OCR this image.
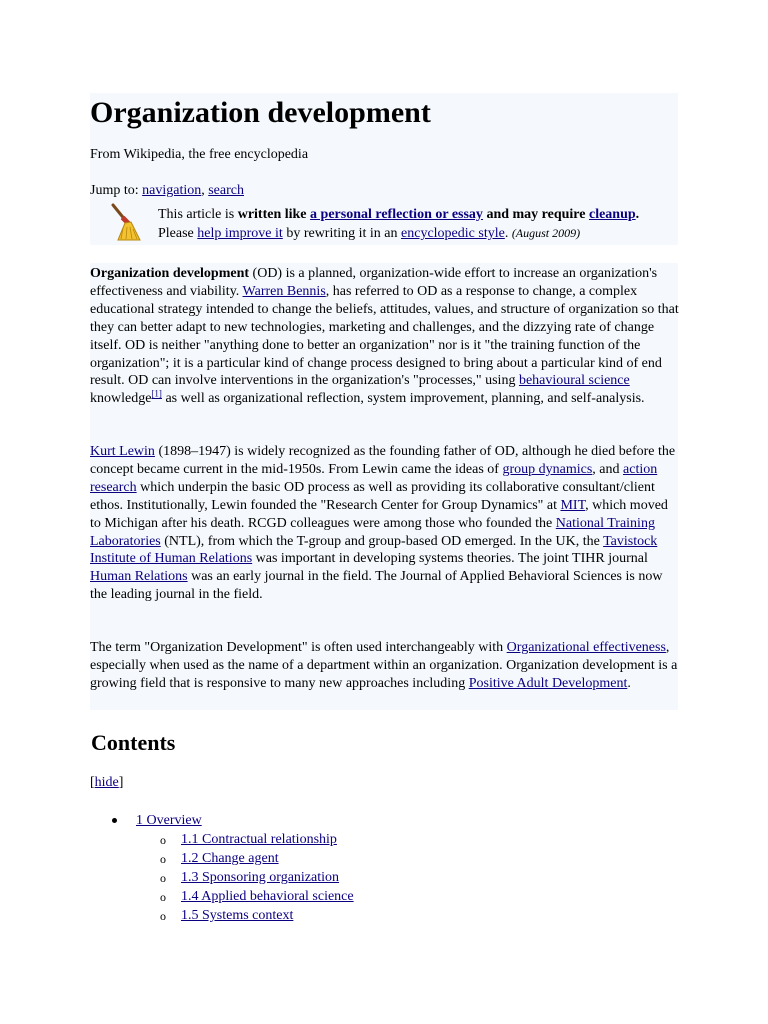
Organization development
From Wikipedia, the free encyclopedia
Jump to: navigation, search
This article is written like a personal reflection or essay and may require cleanup.
Please help improve it by rewriting it in an encyclopedic style. (August 2009)

Organization development (OD) is a planned, organization-wide effort to increase an organization's effectiveness and viability. Warren Bennis, has referred to OD as a response to change, a complex educational strategy intended to change the beliefs, attitudes, values, and structure of organization so that they can better adapt to new technologies, marketing and challenges, and the dizzying rate of change itself. OD is neither "anything done to better an organization" nor is it "the training function of the organization"; it is a particular kind of change process designed to bring about a particular kind of end result. OD can involve interventions in the organization's "processes," using behavioural science knowledge[1] as well as organizational reflection, system improvement, planning, and self-analysis.

Kurt Lewin (1898–1947) is widely recognized as the founding father of OD, although he died before the concept became current in the mid-1950s. From Lewin came the ideas of group dynamics, and action research which underpin the basic OD process as well as providing its collaborative consultant/client ethos. Institutionally, Lewin founded the "Research Center for Group Dynamics" at MIT, which moved to Michigan after his death. RCGD colleagues were among those who founded the National Training Laboratories (NTL), from which the T-group and group-based OD emerged. In the UK, the Tavistock Institute of Human Relations was important in developing systems theories. The joint TIHR journal Human Relations was an early journal in the field. The Journal of Applied Behavioral Sciences is now the leading journal in the field.

The term "Organization Development" is often used interchangeably with Organizational effectiveness, especially when used as the name of a department within an organization. Organization development is a growing field that is responsive to many new approaches including Positive Adult Development.

Contents
[hide]
1 Overview
o 1.1 Contractual relationship
o 1.2 Change agent
o 1.3 Sponsoring organization
o 1.4 Applied behavioral science
o 1.5 Systems context
